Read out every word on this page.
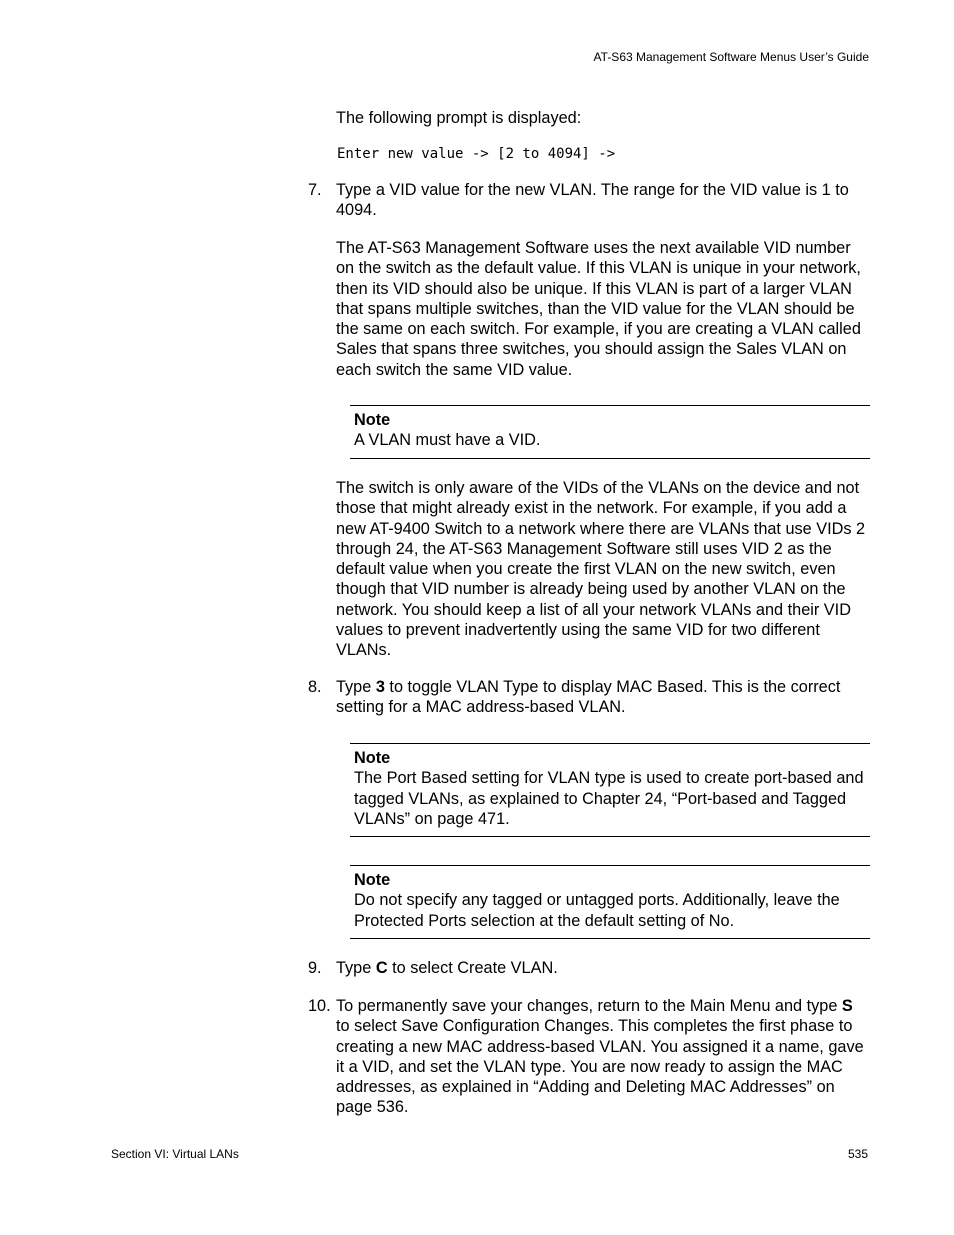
AT-S63 Management Software Menus User’s Guide
The following prompt is displayed:
Enter new value -> [2 to 4094] ->
7. Type a VID value for the new VLAN. The range for the VID value is 1 to 4094.
The AT-S63 Management Software uses the next available VID number on the switch as the default value. If this VLAN is unique in your network, then its VID should also be unique. If this VLAN is part of a larger VLAN that spans multiple switches, than the VID value for the VLAN should be the same on each switch. For example, if you are creating a VLAN called Sales that spans three switches, you should assign the Sales VLAN on each switch the same VID value.
Note
A VLAN must have a VID.
The switch is only aware of the VIDs of the VLANs on the device and not those that might already exist in the network. For example, if you add a new AT-9400 Switch to a network where there are VLANs that use VIDs 2 through 24, the AT-S63 Management Software still uses VID 2 as the default value when you create the first VLAN on the new switch, even though that VID number is already being used by another VLAN on the network. You should keep a list of all your network VLANs and their VID values to prevent inadvertently using the same VID for two different VLANs.
8. Type 3 to toggle VLAN Type to display MAC Based. This is the correct setting for a MAC address-based VLAN.
Note
The Port Based setting for VLAN type is used to create port-based and tagged VLANs, as explained to Chapter 24, “Port-based and Tagged VLANs” on page 471.
Note
Do not specify any tagged or untagged ports. Additionally, leave the Protected Ports selection at the default setting of No.
9. Type C to select Create VLAN.
10. To permanently save your changes, return to the Main Menu and type S to select Save Configuration Changes. This completes the first phase to creating a new MAC address-based VLAN. You assigned it a name, gave it a VID, and set the VLAN type. You are now ready to assign the MAC addresses, as explained in “Adding and Deleting MAC Addresses” on page 536.
Section VI: Virtual LANs	535
